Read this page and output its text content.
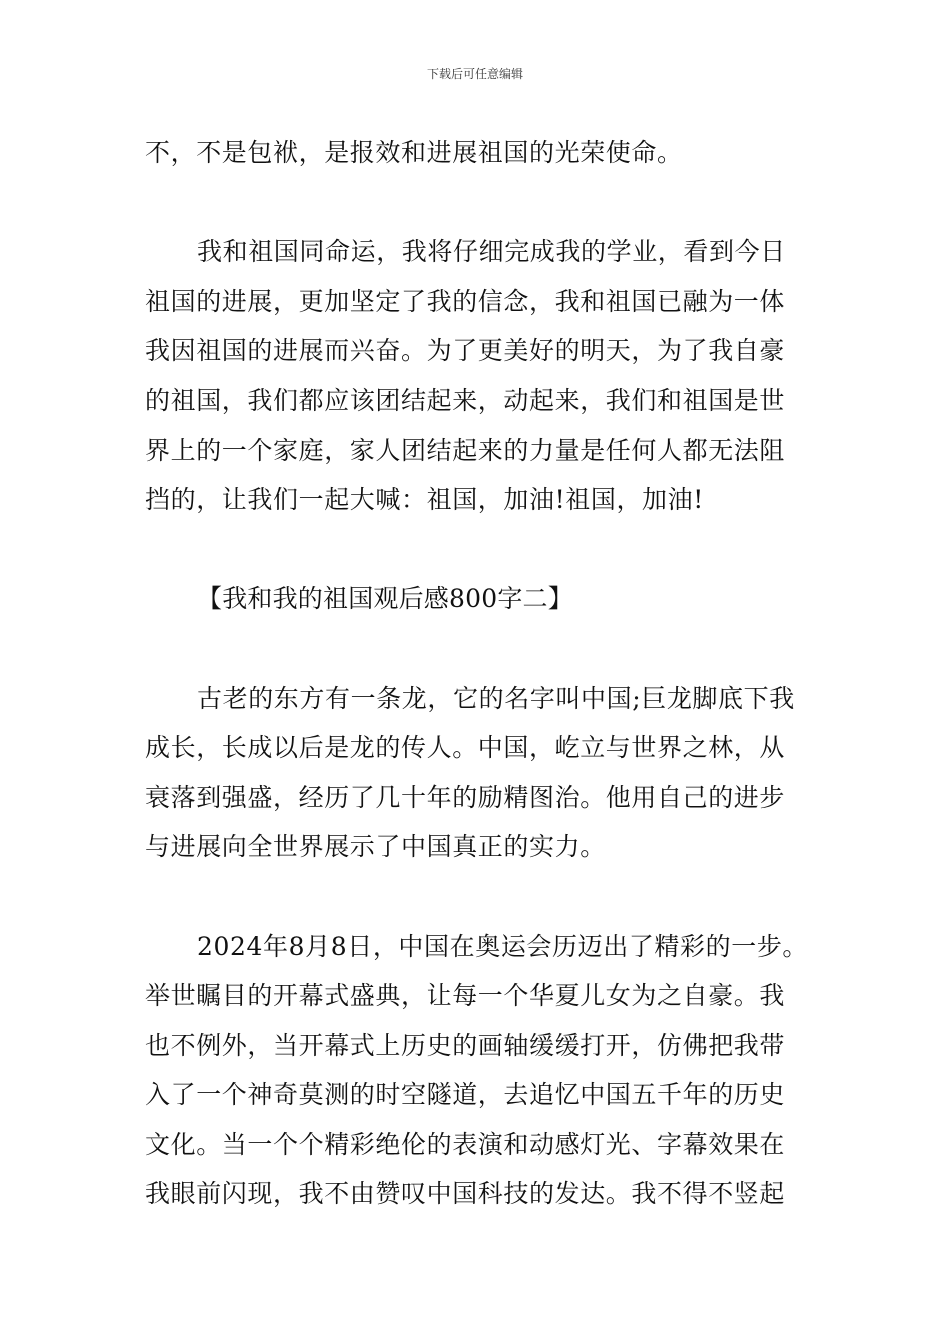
下载后可任意编辑

不，不是包袱，是报效和进展祖国的光荣使命。

我和祖国同命运，我将仔细完成我的学业，看到今日
祖国的进展，更加坚定了我的信念，我和祖国已融为一体
我因祖国的进展而兴奋。为了更美好的明天，为了我自豪
的祖国，我们都应该团结起来，动起来，我们和祖国是世
界上的一个家庭，家人团结起来的力量是任何人都无法阻
挡的，让我们一起大喊：祖国，加油!祖国，加油!

【我和我的祖国观后感800字二】

古老的东方有一条龙，它的名字叫中国;巨龙脚底下我
成长，长成以后是龙的传人。中国，屹立与世界之林，从
衰落到强盛，经历了几十年的励精图治。他用自己的进步
与进展向全世界展示了中国真正的实力。

2024年8月8日，中国在奥运会历迈出了精彩的一步。
举世瞩目的开幕式盛典，让每一个华夏儿女为之自豪。我
也不例外，当开幕式上历史的画轴缓缓打开，仿佛把我带
入了一个神奇莫测的时空隧道，去追忆中国五千年的历史
文化。当一个个精彩绝伦的表演和动感灯光、字幕效果在
我眼前闪现，我不由赞叹中国科技的发达。我不得不竖起
